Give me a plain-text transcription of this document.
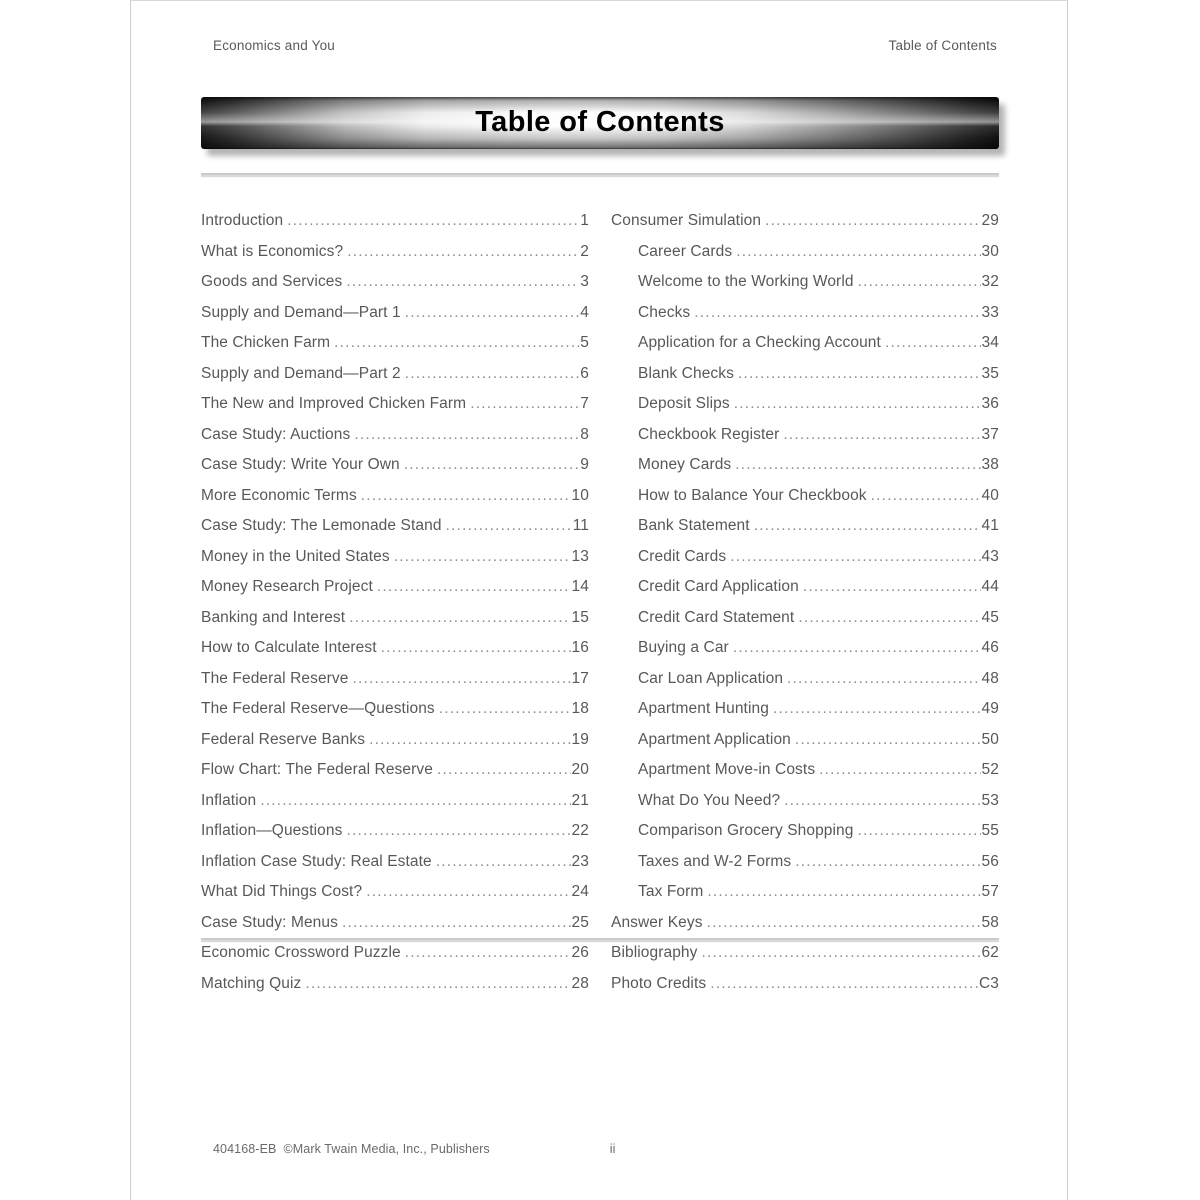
Economics and You	Table of Contents
Table of Contents
Introduction .....	1
What is Economics? .....	2
Goods and Services .....	3
Supply and Demand—Part 1 .....	4
The Chicken Farm .....	5
Supply and Demand—Part 2 .....	6
The New and Improved Chicken Farm .....	7
Case Study: Auctions .....	8
Case Study: Write Your Own .....	9
More Economic Terms .....	10
Case Study: The Lemonade Stand .....	11
Money in the United States .....	13
Money Research Project .....	14
Banking and Interest .....	15
How to Calculate Interest .....	16
The Federal Reserve .....	17
The Federal Reserve—Questions .....	18
Federal Reserve Banks .....	19
Flow Chart: The Federal Reserve .....	20
Inflation .....	21
Inflation—Questions .....	22
Inflation Case Study: Real Estate .....	23
What Did Things Cost? .....	24
Case Study: Menus .....	25
Economic Crossword Puzzle .....	26
Matching Quiz .....	28
Consumer Simulation .....	29
Career Cards .....	30
Welcome to the Working World .....	32
Checks .....	33
Application for a Checking Account .....	34
Blank Checks .....	35
Deposit Slips .....	36
Checkbook Register .....	37
Money Cards .....	38
How to Balance Your Checkbook .....	40
Bank Statement .....	41
Credit Cards .....	43
Credit Card Application .....	44
Credit Card Statement .....	45
Buying a Car .....	46
Car Loan Application .....	48
Apartment Hunting .....	49
Apartment Application .....	50
Apartment Move-in Costs .....	52
What Do You Need? .....	53
Comparison Grocery Shopping .....	55
Taxes and W-2 Forms .....	56
Tax Form .....	57
Answer Keys .....	58
Bibliography .....	62
Photo Credits .....	C3
404168-EB ©Mark Twain Media, Inc., Publishers	ii
